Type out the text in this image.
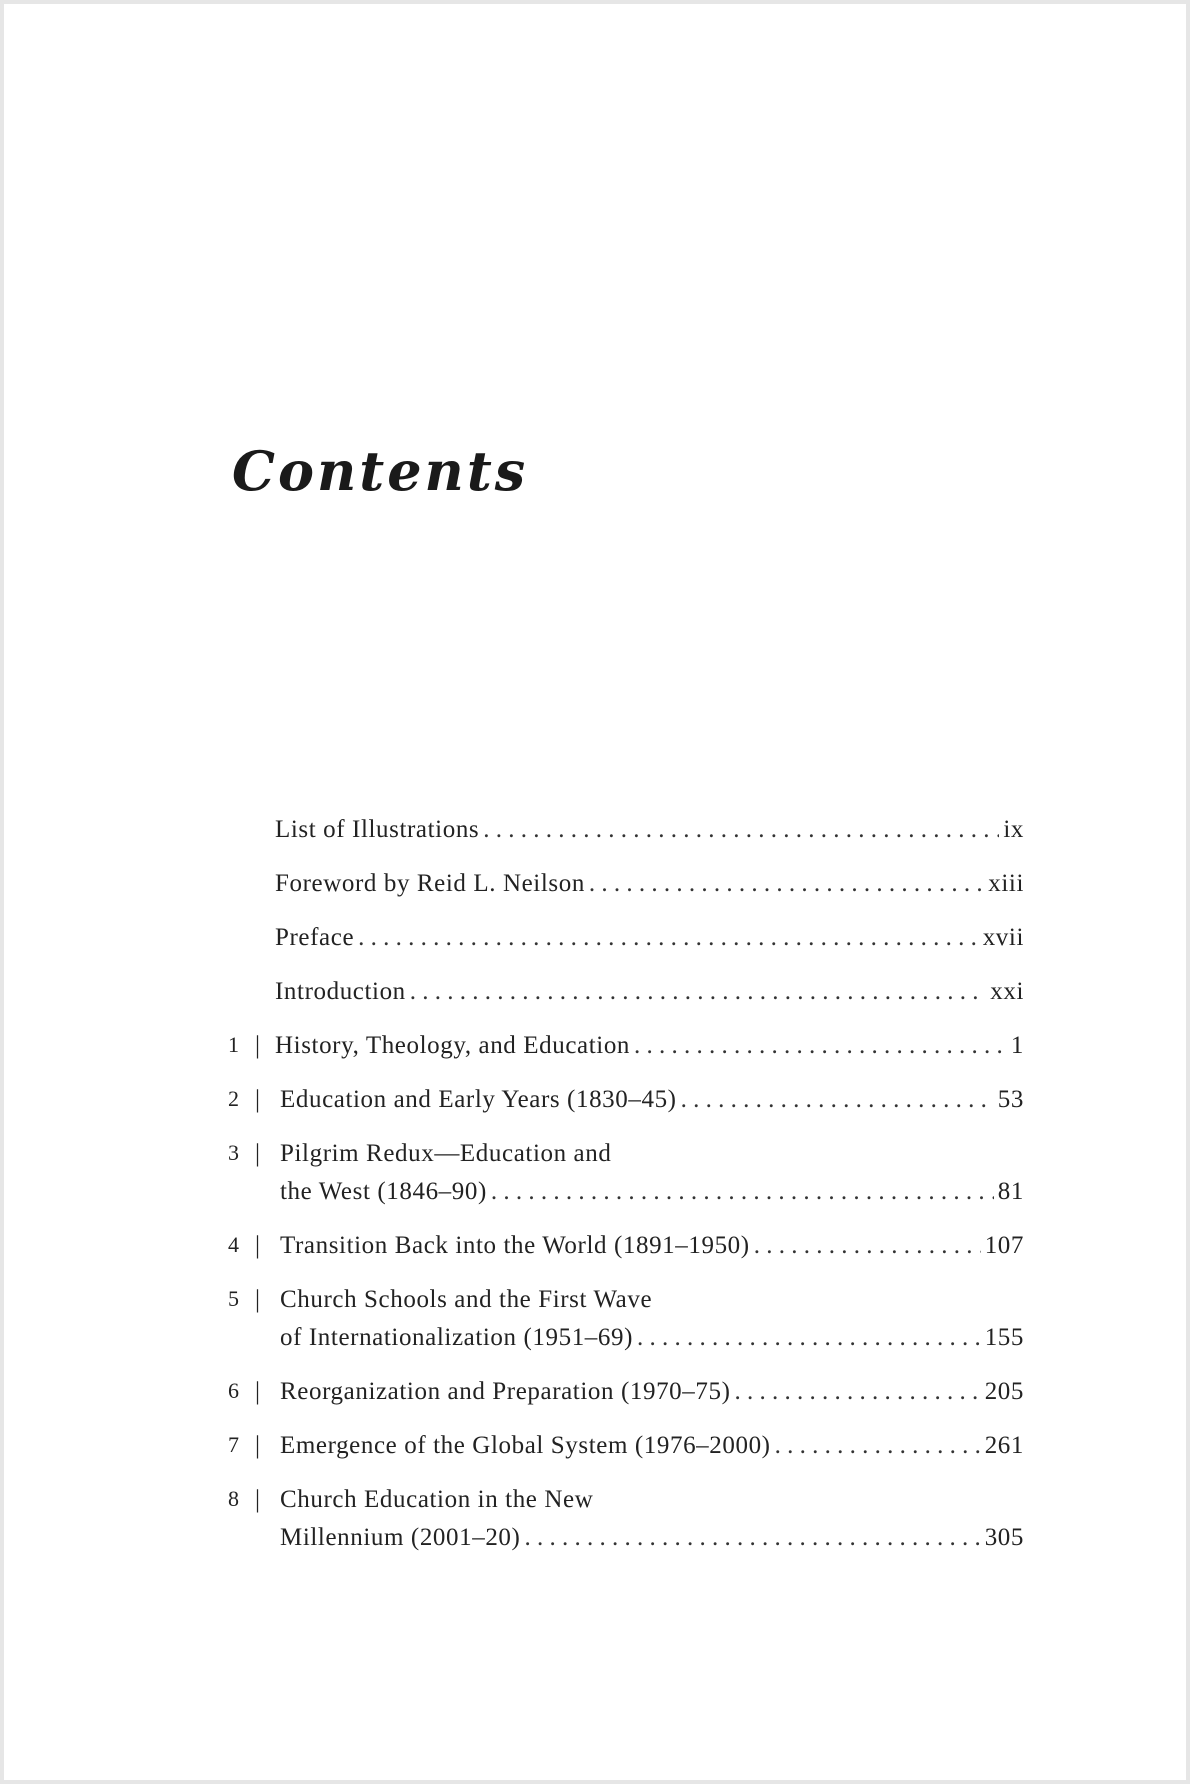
Contents
List of Illustrations . . .	ix
Foreword by Reid L. Neilson . . .	xiii
Preface . . .	xvii
Introduction . . .	xxi
1 | History, Theology, and Education . . .	1
2 | Education and Early Years (1830–45) . . .	53
3 | Pilgrim Redux—Education and
the West (1846–90) . . .	81
4 | Transition Back into the World (1891–1950) . . .	107
5 | Church Schools and the First Wave
of Internationalization (1951–69) . . .	155
6 | Reorganization and Preparation (1970–75) . . .	205
7 | Emergence of the Global System (1976–2000) . . .	261
8 | Church Education in the New
Millennium (2001–20) . . .	305
